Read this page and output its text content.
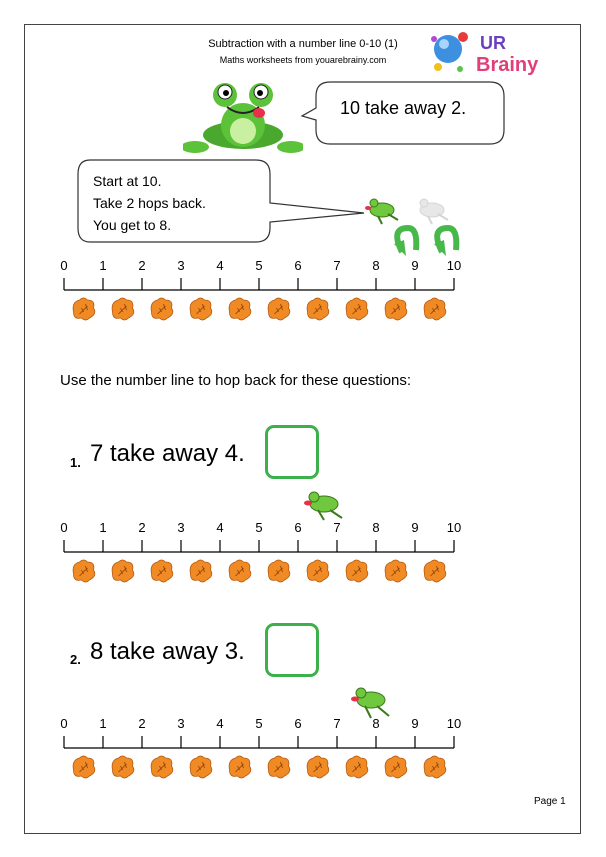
Subtraction with a number line 0-10 (1)
Maths worksheets from youarebrainy.com
UR
Brainy
10 take away 2.
Start at 10.
Take 2 hops back.
You get to 8.
0 1 2 3 4 5 6 7 8 9 10
Use the number line to hop back for these questions:
1. 7 take away 4.
0 1 2 3 4 5 6 7 8 9 10
2. 8 take away 3.
0 1 2 3 4 5 6 7 8 9 10
Page 1
